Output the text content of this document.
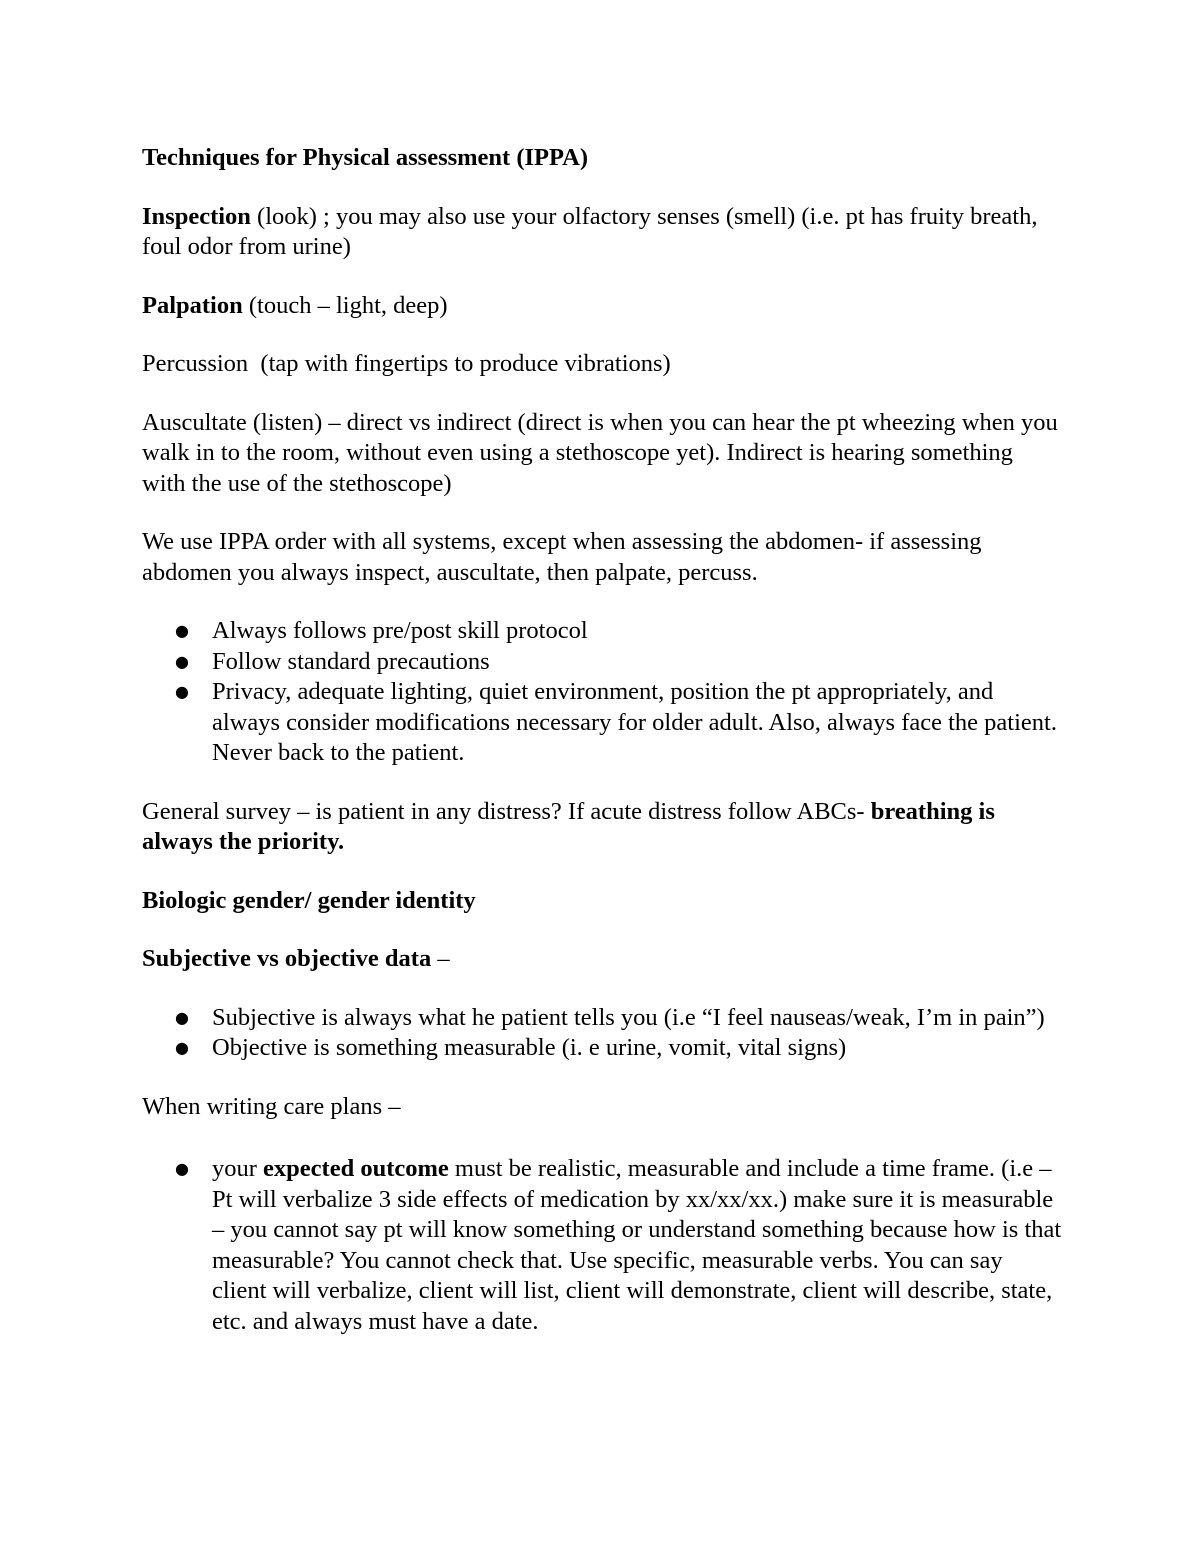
Techniques for Physical assessment (IPPA)

Inspection (look) ; you may also use your olfactory senses (smell) (i.e. pt has fruity breath, foul odor from urine)

Palpation (touch – light, deep)

Percussion  (tap with fingertips to produce vibrations)

Auscultate (listen) – direct vs indirect (direct is when you can hear the pt wheezing when you walk in to the room, without even using a stethoscope yet). Indirect is hearing something with the use of the stethoscope)

We use IPPA order with all systems, except when assessing the abdomen- if assessing abdomen you always inspect, auscultate, then palpate, percuss.

● Always follows pre/post skill protocol
● Follow standard precautions
● Privacy, adequate lighting, quiet environment, position the pt appropriately, and always consider modifications necessary for older adult. Also, always face the patient. Never back to the patient.

General survey – is patient in any distress? If acute distress follow ABCs- breathing is always the priority.

Biologic gender/ gender identity

Subjective vs objective data –

● Subjective is always what he patient tells you (i.e “I feel nauseas/weak, I’m in pain”)
● Objective is something measurable (i. e urine, vomit, vital signs)

When writing care plans –

● your expected outcome must be realistic, measurable and include a time frame. (i.e – Pt will verbalize 3 side effects of medication by xx/xx/xx.) make sure it is measurable – you cannot say pt will know something or understand something because how is that measurable? You cannot check that. Use specific, measurable verbs. You can say client will verbalize, client will list, client will demonstrate, client will describe, state, etc. and always must have a date.
